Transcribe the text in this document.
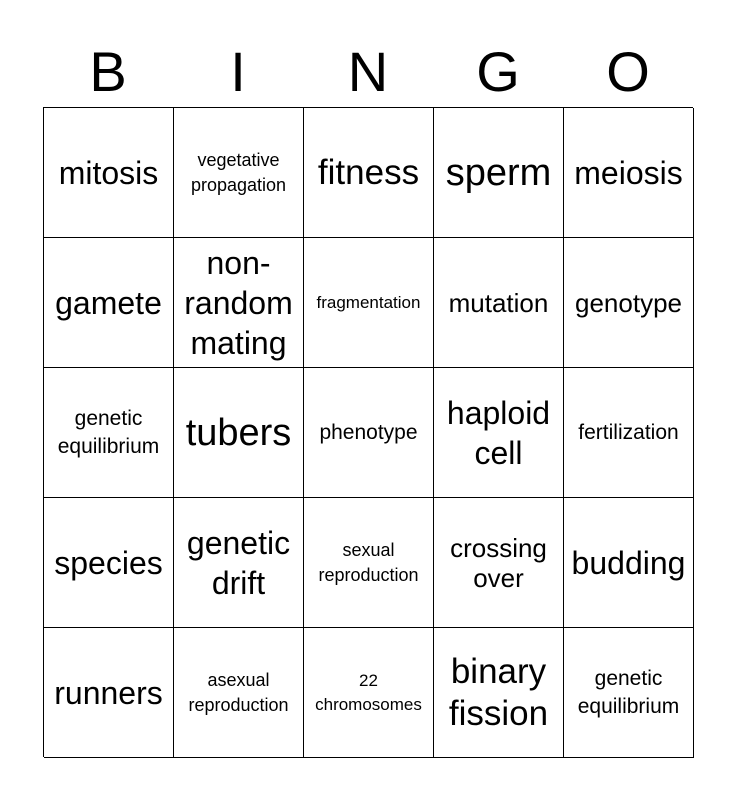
B	I	N	G	O
mitosis	vegetative propagation fitness sperm meiosis
gamete
non-random mating
fragmentation mutation genotype
genetic equilibrium tubers phenotype
haploid cell
fertilization
species
genetic drift
sexual reproduction
crossing over	budding
runners	asexual reproduction
22 chromosomes
binary fission
genetic equilibrium
